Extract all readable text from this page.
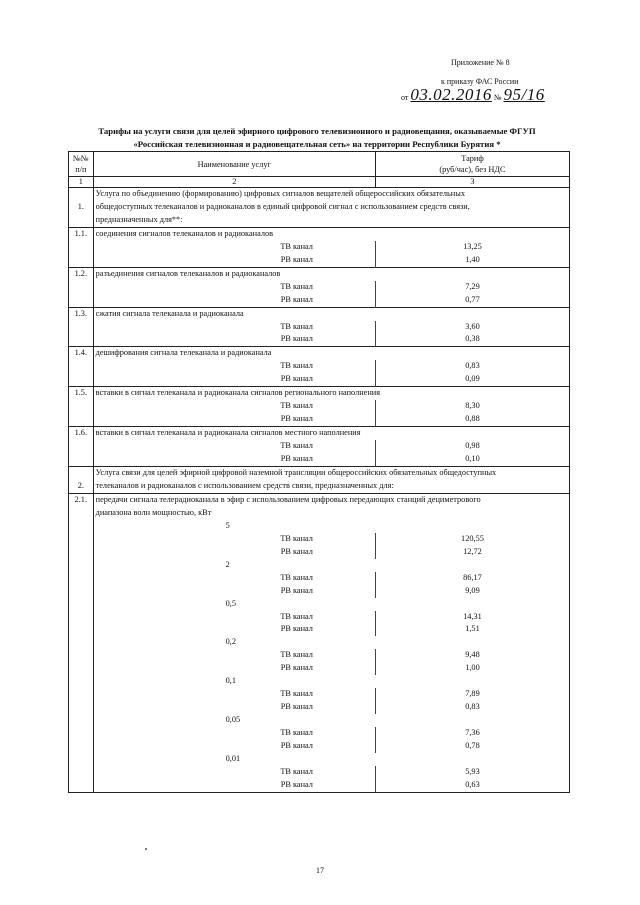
Приложение № 8
к приказу ФАС России
от 03.02.2016 № 95/16
Тарифы на услуги связи для целей эфирного цифрового телевизионного и радиовещания, оказываемые ФГУП
«Российская телевизионная и радиовещательная сеть» на территории Республики Бурятия *
№№ п/п	Наименование услуг	Тариф
(руб/час), без НДС

1	2	3
	Услуга по объединению (формированию) цифровых сигналов вещателей общероссийских обязательных	
1.	общедоступных телеканалов и радиоканалов в единый цифровой сигнал с использованием средств связи,	
	предназначенных для**:	
1.1.	соединения сигналов телеканалов и радиоканалов	
	ТВ канал	13,25
	РВ канал	1,40
1.2.	разъединения сигналов телеканалов и радиоканалов	
	ТВ канал	7,29
	РВ канал	0,77
1.3.	сжатия сигнала телеканала и радиоканала	
	ТВ канал	3,60
	РВ канал	0,38
1.4.	дешифрования сигнала телеканала и радиоканала	
	ТВ канал	0,83
	РВ канал	0,09
1.5.	вставки в сигнал телеканала и радиоканала сигналов регионального наполнения	
	ТВ канал	8,30
	РВ канал	0,88
1.6.	вставки в сигнал телеканала и радиоканала сигналов местного наполнения	
	ТВ канал	0,98
	РВ канал	0,10
	Услуга связи для целей эфирной цифровой наземной трансляции общероссийских обязательных общедоступных	
2.	телеканалов и радиоканалов с использованием средств связи, предназначенных для:	
2.1.	передачи сигнала телерадиоканала в эфир с использованием цифровых передающих станций дециметрового	
	диапазона волн мощностью, кВт	
	5	
	ТВ канал	120,55
	РВ канал	12,72
	2	
	ТВ канал	86,17
	РВ канал	9,09
	0,5	
	ТВ канал	14,31
	РВ канал	1,51
	0,2	
	ТВ канал	9,48
	РВ канал	1,00
	0,1	
	ТВ канал	7,89
	РВ канал	0,83
	0,05	
	ТВ канал	7,36
	РВ канал	0,78
	0,01	
	ТВ канал	5,93
	РВ канал	0,63
17
